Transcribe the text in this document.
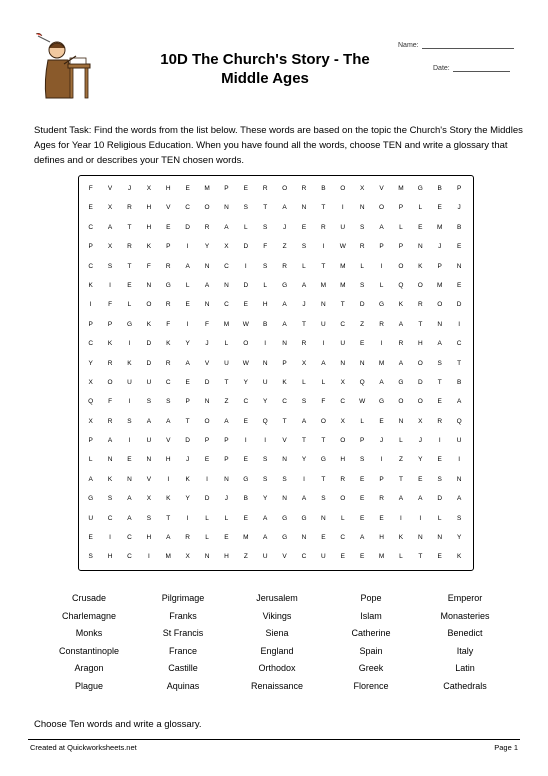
10D The Church's Story - The
Middle Ages
Name:
Date:
Student Task: Find the words from the list below. These words are based on the topic the Church's Story the Middles Ages for Year 10 Religious Education. When you have found all the words, choose TEN and write a glossary that defines and or describes your TEN chosen words.
F	V	J	X	H	E	M	P	E	R	O	R	B	O	X	V	M	G	B	P
E	X	R	H	V	C	O	N	S	T	A	N	T	I	N	O	P	L	E	J
C	A	T	H	E	D	R	A	L	S	J	E	R	U	S	A	L	E	M	B
P	X	R	K	P	I	Y	X	D	F	Z	S	I	W	R	P	P	N	J	E
C	S	T	F	R	A	N	C	I	S	R	L	T	M	L	I	O	K	P	N
K	I	E	N	G	L	A	N	D	L	G	A	M	M	S	L	Q	O	M	E
I	F	L	O	R	E	N	C	E	H	A	J	N	T	D	G	K	R	O	D
P	P	G	K	F	I	F	M	W	B	A	T	U	C	Z	R	A	T	N	I
C	K	I	D	K	Y	J	L	O	I	N	R	I	U	E	I	R	H	A	C
Y	R	K	D	R	A	V	U	W	N	P	X	A	N	N	M	A	O	S	T
X	O	U	U	C	E	D	T	Y	U	K	L	L	X	Q	A	G	D	T	B
Q	F	I	S	S	P	N	Z	C	Y	C	S	F	C	W	G	O	O	E	A
X	R	S	A	A	T	O	A	E	Q	T	A	O	X	L	E	N	X	R	Q
P	A	I	U	V	D	P	P	I	I	V	T	T	O	P	J	L	J	I	U
L	N	E	N	H	J	E	P	E	S	N	Y	G	H	S	I	Z	Y	E	I
A	K	N	V	I	K	I	N	G	S	S	I	T	R	E	P	T	E	S	N
G	S	A	X	K	Y	D	J	B	Y	N	A	S	O	E	R	A	A	D	A
U	C	A	S	T	I	L	L	E	A	G	G	N	L	E	E	I	I	L	S
E	I	C	H	A	R	L	E	M	A	G	N	E	C	A	H	K	N	N	Y
S	H	C	I	M	X	N	H	Z	U	V	C	U	E	E	M	L	T	E	K
Crusade	Pilgrimage	Jerusalem	Pope	Emperor
Charlemagne	Franks	Vikings	Islam	Monasteries
Monks	St Francis	Siena	Catherine	Benedict
Constantinople	France	England	Spain	Italy
Aragon	Castille	Orthodox	Greek	Latin
Plague	Aquinas	Renaissance	Florence	Cathedrals
Choose Ten words and write a glossary.
Created at Quickworksheets.net	Page 1
